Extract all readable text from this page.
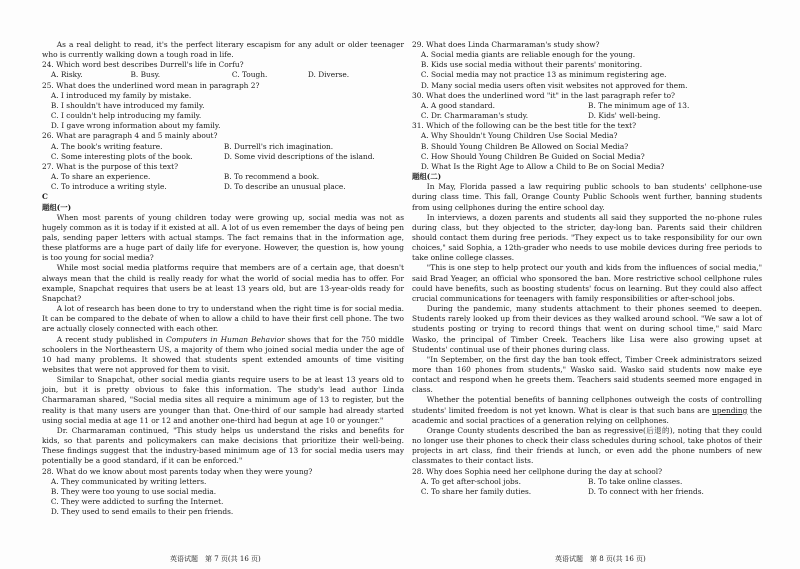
As a real delight to read, it's the perfect literary escapism for any adult or older teenager who is currently walking down a tough road in life.

24. Which word best describes Durrell's life in Corfu?

A. Risky.	B. Busy.	C. Tough.	D. Diverse.

25. What does the underlined word mean in paragraph 2?

A. I introduced my family by mistake.

B. I shouldn't have introduced my family.

C. I couldn't help introducing my family.

D. I gave wrong information about my family.

26. What are paragraph 4 and 5 mainly about?

A. The book's writing feature.	B. Durrell's rich imagination.
C. Some interesting plots of the book.	D. Some vivid descriptions of the island.

27. What is the purpose of this text?

A. To share an experience.	B. To recommend a book.
C. To introduce a writing style.	D. To describe an unusual place.

C

题组(一)

When most parents of young children today were growing up, social media was not as hugely common as it is today if it existed at all. A lot of us even remember the days of being pen pals, sending paper letters with actual stamps. The fact remains that in the information age, these platforms are a huge part of daily life for everyone. However, the question is, how young is too young for social media?

While most social media platforms require that members are of a certain age, that doesn't always mean that the child is really ready for what the world of social media has to offer. For example, Snapchat requires that users be at least 13 years old, but are 13-year-olds ready for Snapchat?

A lot of research has been done to try to understand when the right time is for social media. It can be compared to the debate of when to allow a child to have their first cell phone. The two are actually closely connected with each other.

A recent study published in Computers in Human Behavior shows that for the 750 middle schoolers in the Northeastern US, a majority of them who joined social media under the age of 10 had many problems. It showed that students spent extended amounts of time visiting websites that were not approved for them to visit.

Similar to Snapchat, other social media giants require users to be at least 13 years old to join, but it is pretty obvious to fake this information. The study's lead author Linda Charmaraman shared, "Social media sites all require a minimum age of 13 to register, but the reality is that many users are younger than that. One-third of our sample had already started using social media at age 11 or 12 and another one-third had begun at age 10 or younger."

Dr. Charmaraman continued, "This study helps us understand the risks and benefits for kids, so that parents and policymakers can make decisions that prioritize their well-being. These findings suggest that the industry-based minimum age of 13 for social media users may potentially be a good standard, if it can be enforced."

28. What do we know about most parents today when they were young?

A. They communicated by writing letters.

B. They were too young to use social media.

C. They were addicted to surfing the Internet.

D. They used to send emails to their pen friends.

29. What does Linda Charmaraman's study show?

A. Social media giants are reliable enough for the young.

B. Kids use social media without their parents' monitoring.

C. Social media may not practice 13 as minimum registering age.

D. Many social media users often visit websites not approved for them.

30. What does the underlined word "it" in the last paragraph refer to?

A. A good standard.	B. The minimum age of 13.
C. Dr. Charmaraman's study.	D. Kids' well-being.

31. Which of the following can be the best title for the text?

A. Why Shouldn't Young Children Use Social Media?

B. Should Young Children Be Allowed on Social Media?

C. How Should Young Children Be Guided on Social Media?

D. What Is the Right Age to Allow a Child to Be on Social Media?

题组(二)

In May, Florida passed a law requiring public schools to ban students' cellphone-use during class time. This fall, Orange County Public Schools went further, banning students from using cellphones during the entire school day.

In interviews, a dozen parents and students all said they supported the no-phone rules during class, but they objected to the stricter, day-long ban. Parents said their children should contact them during free periods. "They expect us to take responsibility for our own choices," said Sophia, a 12th-grader who needs to use mobile devices during free periods to take online college classes.

"This is one step to help protect our youth and kids from the influences of social media," said Brad Yeager, an official who sponsored the ban. More restrictive school cellphone rules could have benefits, such as boosting students' focus on learning. But they could also affect crucial communications for teenagers with family responsibilities or after-school jobs.

During the pandemic, many students attachment to their phones seemed to deepen. Students rarely looked up from their devices as they walked around school. "We saw a lot of students posting or trying to record things that went on during school time," said Marc Wasko, the principal of Timber Creek. Teachers like Lisa were also growing upset at Students' continual use of their phones during class.

"In September, on the first day the ban took effect, Timber Creek administrators seized more than 160 phones from students," Wasko said. Wasko said students now make eye contact and respond when he greets them. Teachers said students seemed more engaged in class.

Whether the potential benefits of banning cellphones outweigh the costs of controlling students' limited freedom is not yet known. What is clear is that such bans are upending the academic and social practices of a generation relying on cellphones.

Orange County students described the ban as regressive(后退的), noting that they could no longer use their phones to check their class schedules during school, take photos of their projects in art class, find their friends at lunch, or even add the phone numbers of new classmates to their contact lists.

28. Why does Sophia need her cellphone during the day at school?

A. To get after-school jobs.	B. To take online classes.
C. To share her family duties.	D. To connect with her friends.
英语试题　第 7 页(共 16 页)	英语试题　第 8 页(共 16 页)
